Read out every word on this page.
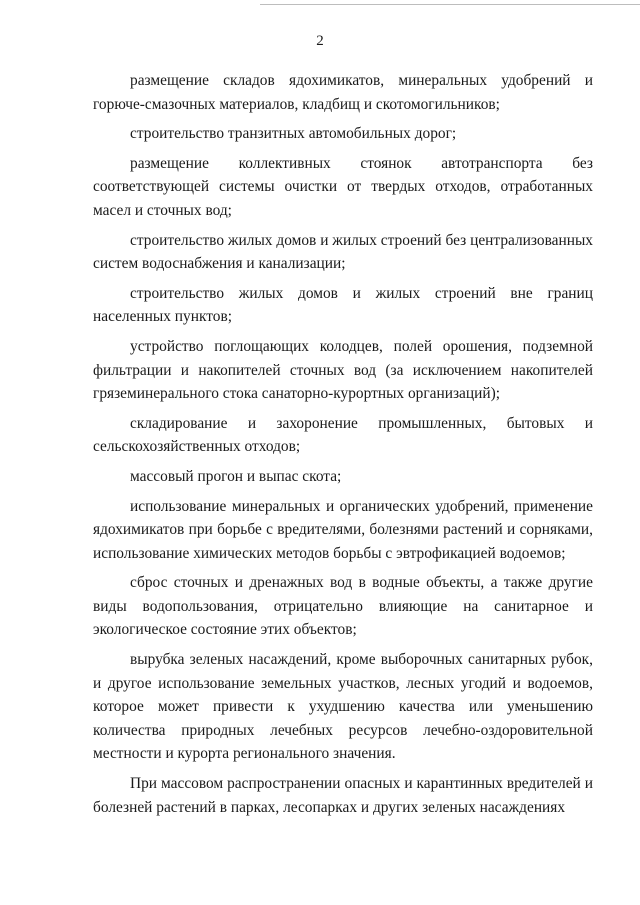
2

размещение складов ядохимикатов, минеральных удобрений и горюче-смазочных материалов, кладбищ и скотомогильников;

строительство транзитных автомобильных дорог;

размещение коллективных стоянок автотранспорта без соответствующей системы очистки от твердых отходов, отработанных масел и сточных вод;

строительство жилых домов и жилых строений без централизованных систем водоснабжения и канализации;

строительство жилых домов и жилых строений вне границ населенных пунктов;

устройство поглощающих колодцев, полей орошения, подземной фильтрации и накопителей сточных вод (за исключением накопителей гряземинерального стока санаторно-курортных организаций);

складирование и захоронение промышленных, бытовых и сельскохозяйственных отходов;

массовый прогон и выпас скота;

использование минеральных и органических удобрений, применение ядохимикатов при борьбе с вредителями, болезнями растений и сорняками, использование химических методов борьбы с эвтрофикацией водоемов;

сброс сточных и дренажных вод в водные объекты, а также другие виды водопользования, отрицательно влияющие на санитарное и экологическое состояние этих объектов;

вырубка зеленых насаждений, кроме выборочных санитарных рубок, и другое использование земельных участков, лесных угодий и водоемов, которое может привести к ухудшению качества или уменьшению количества природных лечебных ресурсов лечебно-оздоровительной местности и курорта регионального значения.

При массовом распространении опасных и карантинных вредителей и болезней растений в парках, лесопарках и других зеленых насаждениях
